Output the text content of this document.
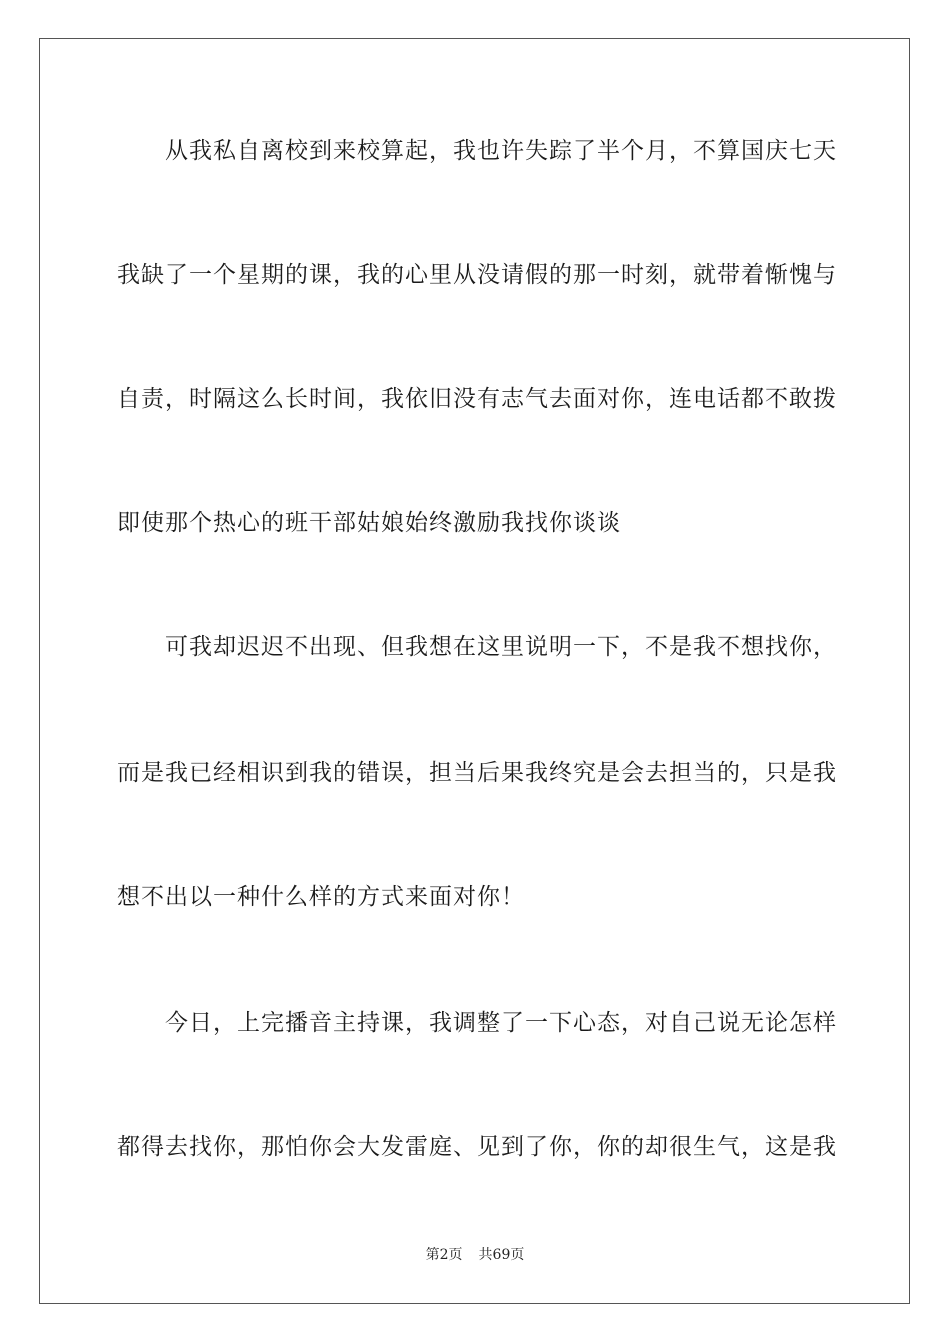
从我私自离校到来校算起，我也许失踪了半个月，不算国庆七天
我缺了一个星期的课，我的心里从没请假的那一时刻，就带着惭愧与
自责，时隔这么长时间，我依旧没有志气去面对你，连电话都不敢拨
即使那个热心的班干部姑娘始终激励我找你谈谈
可我却迟迟不出现、但我想在这里说明一下，不是我不想找你，
而是我已经相识到我的错误，担当后果我终究是会去担当的，只是我
想不出以一种什么样的方式来面对你！
今日，上完播音主持课，我调整了一下心态，对自己说无论怎样
都得去找你，那怕你会大发雷庭、见到了你，你的却很生气，这是我
第2页 共69页
